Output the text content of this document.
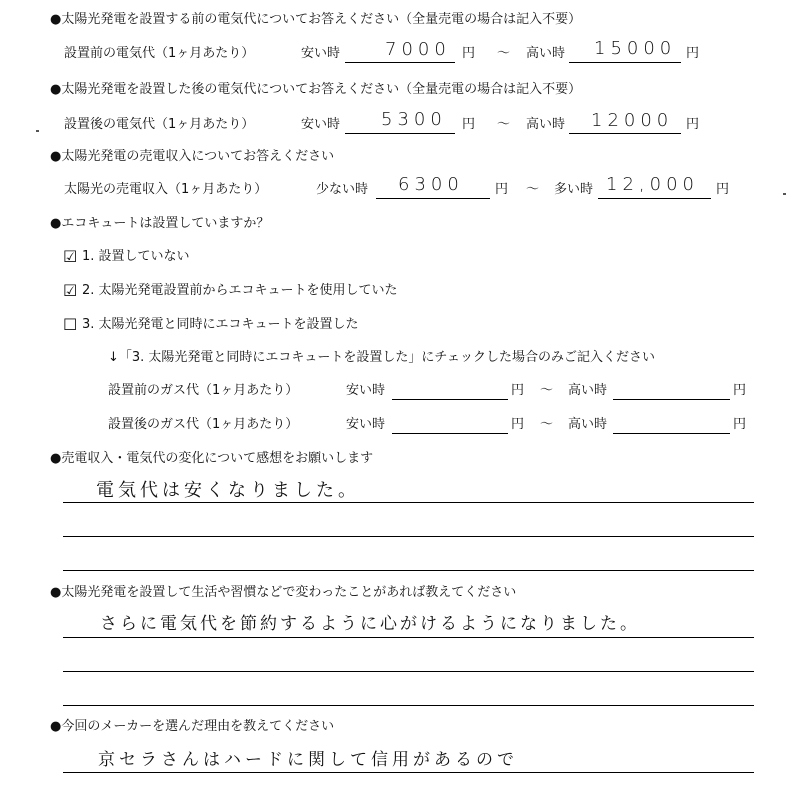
●太陽光発電を設置する前の電気代についてお答えください（全量売電の場合は記入不要）
設置前の電気代（1ヶ月あたり）	安い時 7000 円 ～ 高い時 15000 円
●太陽光発電を設置した後の電気代についてお答えください（全量売電の場合は記入不要）
設置後の電気代（1ヶ月あたり）	安い時 5300 円 ～ 高い時 12000 円
●太陽光発電の売電収入についてお答えください
太陽光の売電収入（1ヶ月あたり）	少ない時 6300 円 ～ 多い時 12,000 円
●エコキュートは設置していますか？
☑ 1. 設置していない
☑ 2. 太陽光発電設置前からエコキュートを使用していた
☐ 3. 太陽光発電と同時にエコキュートを設置した
↓「3. 太陽光発電と同時にエコキュートを設置した」にチェックした場合のみご記入ください
設置前のガス代（1ヶ月あたり）	安い時	円 ～ 高い時	円
設置後のガス代（1ヶ月あたり）	安い時	円 ～ 高い時	円
●売電収入・電気代の変化について感想をお願いします
電気代は安くなりました。
●太陽光発電を設置して生活や習慣などで変わったことがあれば教えてください
さらに電気代を節約するように心がけるようになりました。
●今回のメーカーを選んだ理由を教えてください
京セラさんはハードに関して信用があるので
